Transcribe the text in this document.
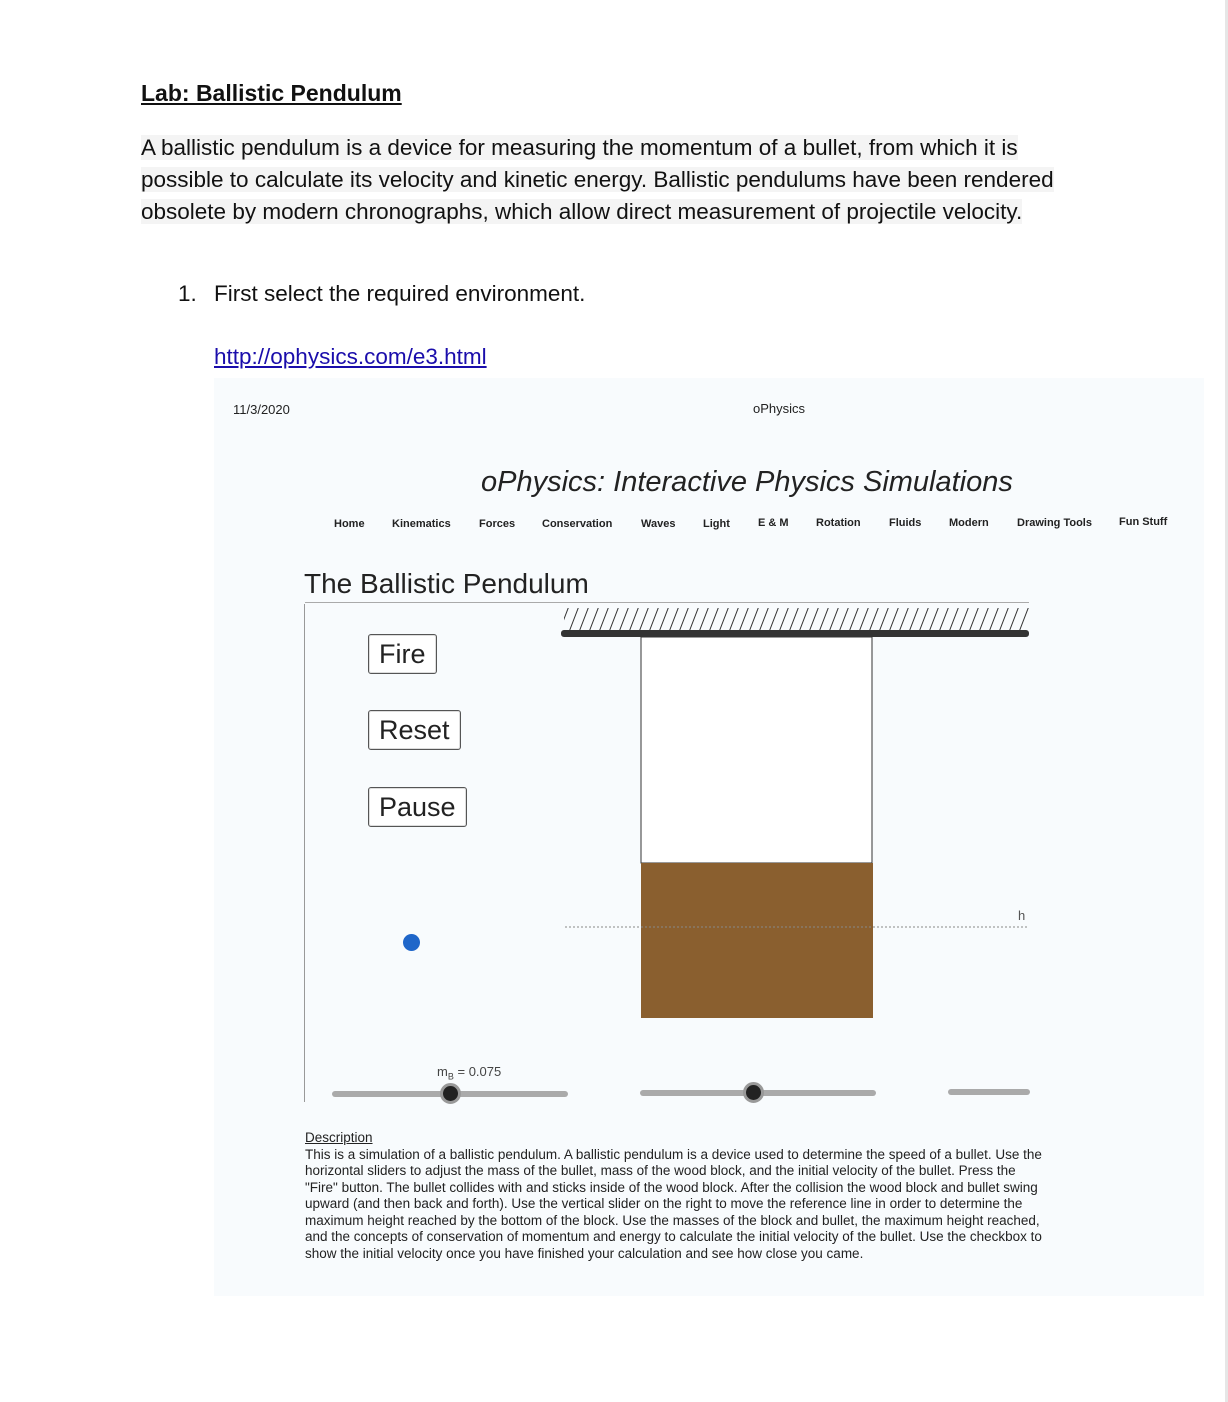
Lab: Ballistic Pendulum
A ballistic pendulum is a device for measuring the momentum of a bullet, from which it is possible to calculate its velocity and kinetic energy. Ballistic pendulums have been rendered obsolete by modern chronographs, which allow direct measurement of projectile velocity.
1. First select the required environment.
http://ophysics.com/e3.html
11/3/2020	oPhysics
oPhysics: Interactive Physics Simulations
Home Kinematics	Forces Conservation	Waves	Light	E & M Rotation	Fluids	Modern	Drawing Tools Fun Stuff
The Ballistic Pendulum
h
Fire
Reset
Pause
$m_B = 0.075$
Description
This is a simulation of a ballistic pendulum. A ballistic pendulum is a device used to determine the speed of a bullet. Use the horizontal sliders to adjust the mass of the bullet, mass of the wood block, and the initial velocity of the bullet. Press the "Fire" button. The bullet collides with and sticks inside of the wood block. After the collision the wood block and bullet swing upward (and then back and forth). Use the vertical slider on the right to move the reference line in order to determine the maximum height reached by the bottom of the block. Use the masses of the block and bullet, the maximum height reached, and the concepts of conservation of momentum and energy to calculate the initial velocity of the bullet. Use the checkbox to show the initial velocity once you have finished your calculation and see how close you came.
